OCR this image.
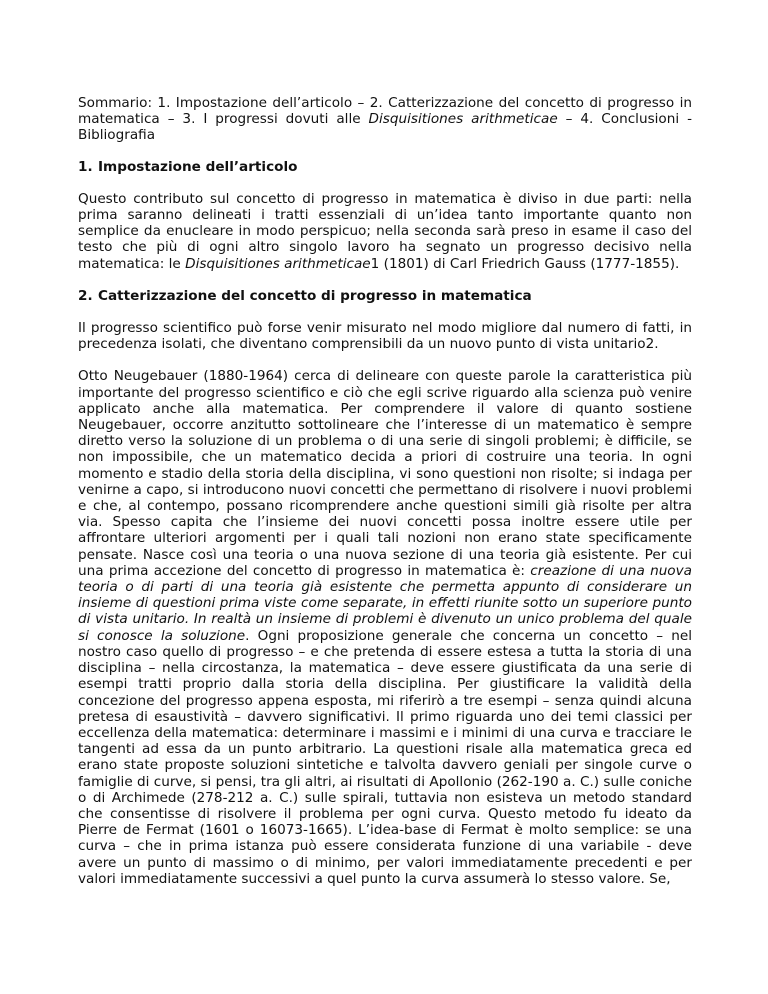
Sommario: 1. Impostazione dell’articolo – 2. Catterizzazione del concetto di progresso in matematica – 3. I progressi dovuti alle Disquisitiones arithmeticae – 4. Conclusioni - Bibliografia

1. Impostazione dell’articolo

Questo contributo sul concetto di progresso in matematica è diviso in due parti: nella prima saranno delineati i tratti essenziali di un’idea tanto importante quanto non semplice da enucleare in modo perspicuo; nella seconda sarà preso in esame il caso del testo che più di ogni altro singolo lavoro ha segnato un progresso decisivo nella matematica: le Disquisitiones arithmeticae1 (1801) di Carl Friedrich Gauss (1777-1855).

2. Catterizzazione del concetto di progresso in matematica

Il progresso scientifico può forse venir misurato nel modo migliore dal numero di fatti, in precedenza isolati, che diventano comprensibili da un nuovo punto di vista unitario2.

Otto Neugebauer (1880-1964) cerca di delineare con queste parole la caratteristica più importante del progresso scientifico e ciò che egli scrive riguardo alla scienza può venire applicato anche alla matematica. Per comprendere il valore di quanto sostiene Neugebauer, occorre anzitutto sottolineare che l’interesse di un matematico è sempre diretto verso la soluzione di un problema o di una serie di singoli problemi; è difficile, se non impossibile, che un matematico decida a priori di costruire una teoria. In ogni momento e stadio della storia della disciplina, vi sono questioni non risolte; si indaga per venirne a capo, si introducono nuovi concetti che permettano di risolvere i nuovi problemi e che, al contempo, possano ricomprendere anche questioni simili già risolte per altra via. Spesso capita che l’insieme dei nuovi concetti possa inoltre essere utile per affrontare ulteriori argomenti per i quali tali nozioni non erano state specificamente pensate. Nasce così una teoria o una nuova sezione di una teoria già esistente. Per cui una prima accezione del concetto di progresso in matematica è: creazione di una nuova teoria o di parti di una teoria già esistente che permetta appunto di considerare un insieme di questioni prima viste come separate, in effetti riunite sotto un superiore punto di vista unitario. In realtà un insieme di problemi è divenuto un unico problema del quale si conosce la soluzione. Ogni proposizione generale che concerna un concetto – nel nostro caso quello di progresso – e che pretenda di essere estesa a tutta la storia di una disciplina – nella circostanza, la matematica – deve essere giustificata da una serie di esempi tratti proprio dalla storia della disciplina. Per giustificare la validità della concezione del progresso appena esposta, mi riferirò a tre esempi – senza quindi alcuna pretesa di esaustività – davvero significativi. Il primo riguarda uno dei temi classici per eccellenza della matematica: determinare i massimi e i minimi di una curva e tracciare le tangenti ad essa da un punto arbitrario. La questioni risale alla matematica greca ed erano state proposte soluzioni sintetiche e talvolta davvero geniali per singole curve o famiglie di curve, si pensi, tra gli altri, ai risultati di Apollonio (262-190 a. C.) sulle coniche o di Archimede (278-212 a. C.) sulle spirali, tuttavia non esisteva un metodo standard che consentisse di risolvere il problema per ogni curva. Questo metodo fu ideato da Pierre de Fermat (1601 o 16073-1665). L’idea-base di Fermat è molto semplice: se una curva – che in prima istanza può essere considerata funzione di una variabile - deve avere un punto di massimo o di minimo, per valori immediatamente precedenti e per valori immediatamente successivi a quel punto la curva assumerà lo stesso valore. Se,
